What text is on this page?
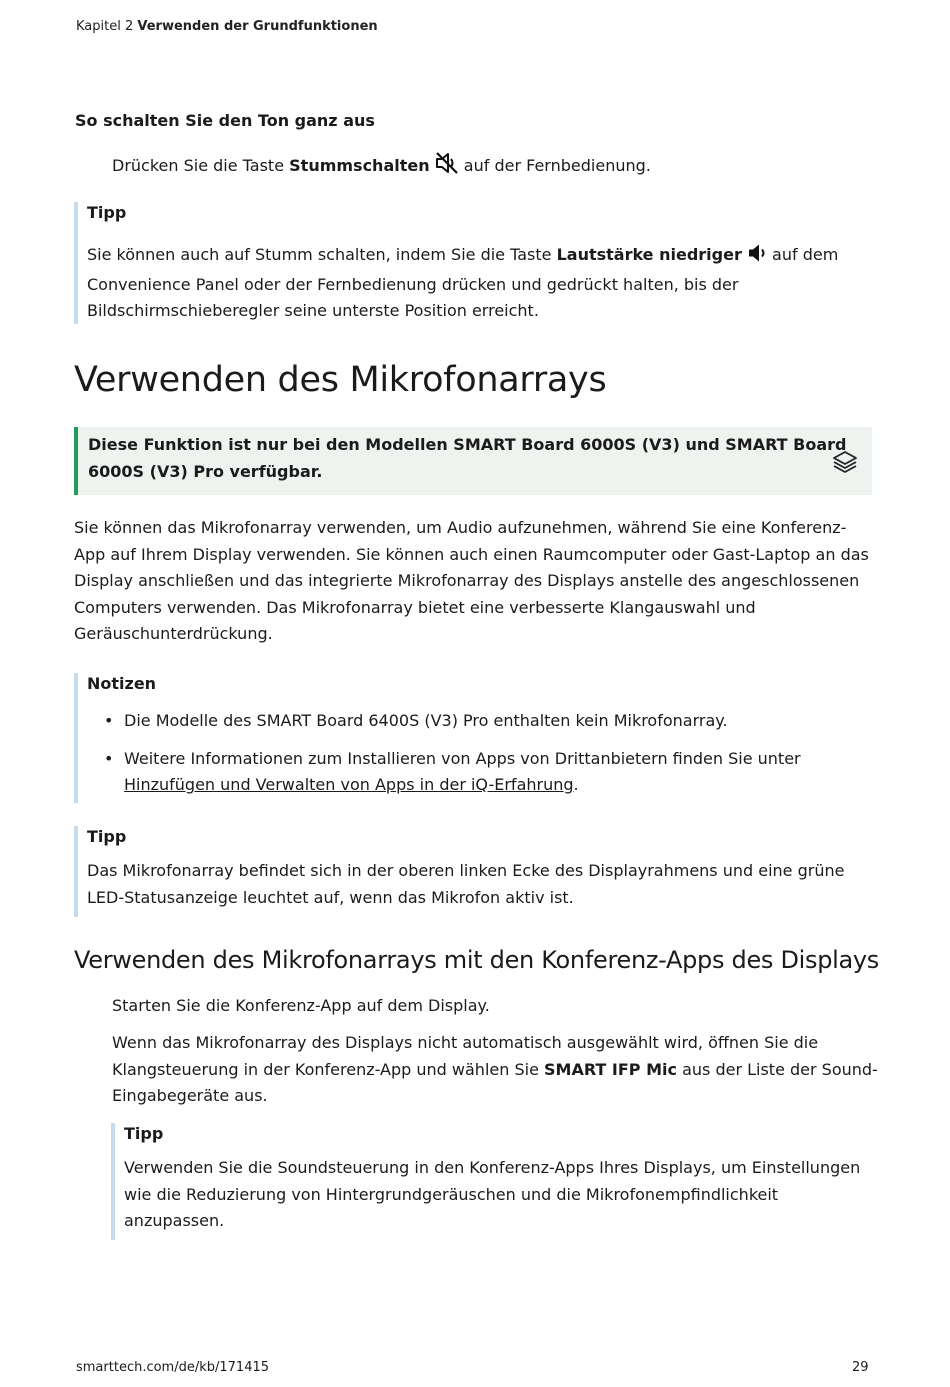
Kapitel 2 Verwenden der Grundfunktionen
So schalten Sie den Ton ganz aus
Drücken Sie die Taste Stummschalten  auf der Fernbedienung.
Tipp
Sie können auch auf Stumm schalten, indem Sie die Taste Lautstärke niedriger  auf dem
Convenience Panel oder der Fernbedienung drücken und gedrückt halten, bis der
Bildschirmschieberegler seine unterste Position erreicht.
Verwenden des Mikrofonarrays
Diese Funktion ist nur bei den Modellen SMART Board 6000S (V3) und SMART Board
6000S (V3) Pro verfügbar.
Sie können das Mikrofonarray verwenden, um Audio aufzunehmen, während Sie eine Konferenz-
App auf Ihrem Display verwenden. Sie können auch einen Raumcomputer oder Gast-Laptop an das
Display anschließen und das integrierte Mikrofonarray des Displays anstelle des angeschlossenen
Computers verwenden. Das Mikrofonarray bietet eine verbesserte Klangauswahl und
Geräuschunterdrückung.
Notizen
• Die Modelle des SMART Board 6400S (V3) Pro enthalten kein Mikrofonarray.
• Weitere Informationen zum Installieren von Apps von Drittanbietern finden Sie unter
Hinzufügen und Verwalten von Apps in der iQ-Erfahrung.
Tipp
Das Mikrofonarray befindet sich in der oberen linken Ecke des Displayrahmens und eine grüne
LED-Statusanzeige leuchtet auf, wenn das Mikrofon aktiv ist.
Verwenden des Mikrofonarrays mit den Konferenz-Apps des Displays
Starten Sie die Konferenz-App auf dem Display.
Wenn das Mikrofonarray des Displays nicht automatisch ausgewählt wird, öffnen Sie die
Klangsteuerung in der Konferenz-App und wählen Sie SMART IFP Mic aus der Liste der Sound-
Eingabegeräte aus.
Tipp
Verwenden Sie die Soundsteuerung in den Konferenz-Apps Ihres Displays, um Einstellungen
wie die Reduzierung von Hintergrundgeräuschen und die Mikrofonempfindlichkeit
anzupassen.
smarttech.com/de/kb/171415	29
